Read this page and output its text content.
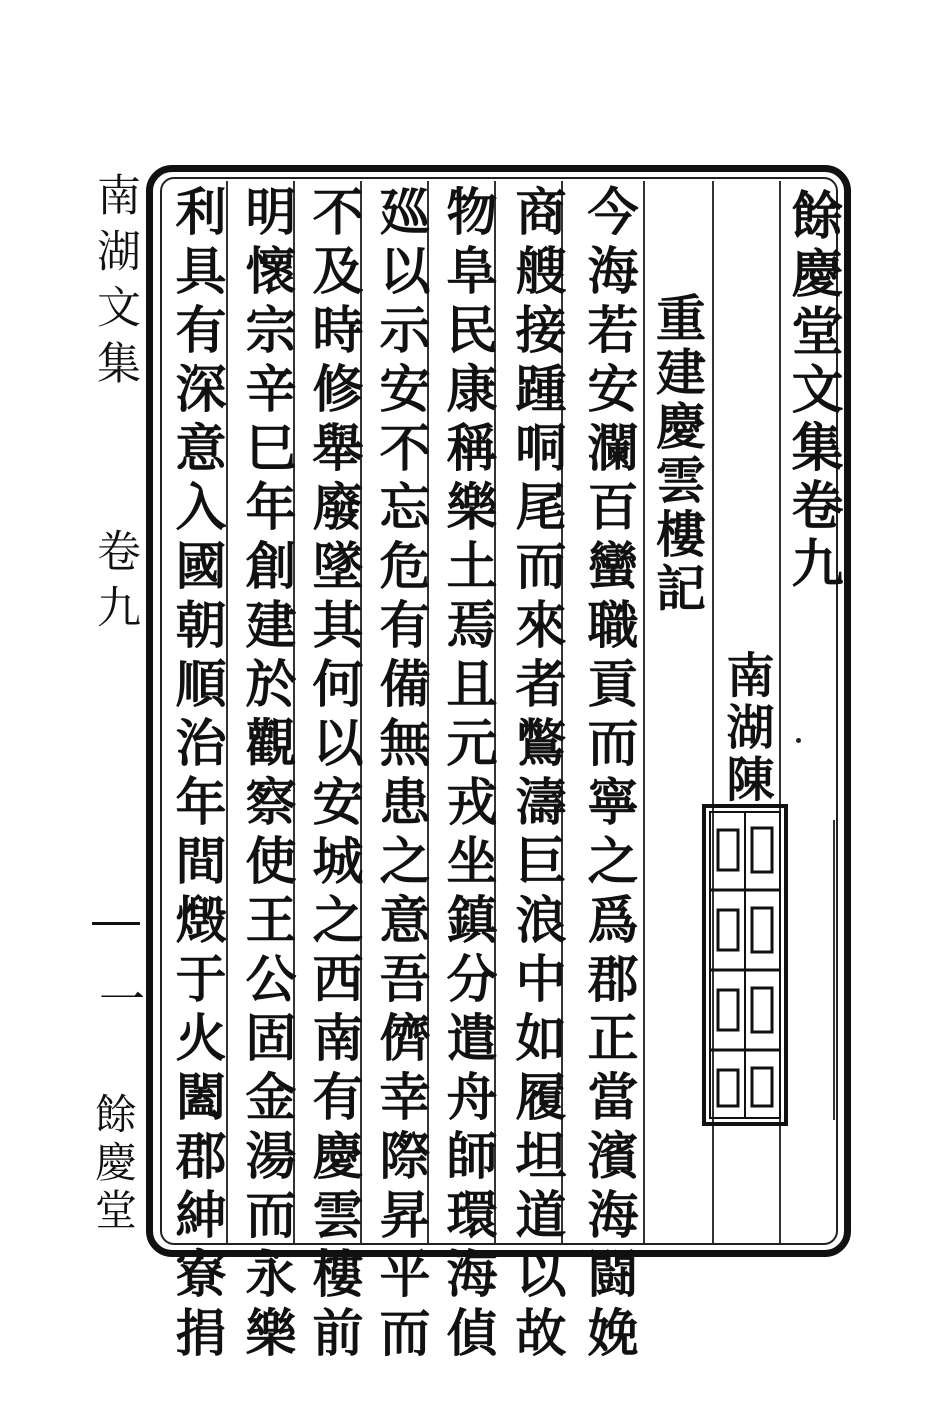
餘慶堂文集卷九
南湖陳
重建慶雲樓記
今海若安瀾百蠻職貢而寧之爲郡正當濱海闘娩
商艘接踵哃尾而來者鷩濤巨浪中如履坦道以故
物阜民康稱樂土焉且元戎坐鎮分遣舟師環海偵
廵以示安不忘危有備無患之意吾儕幸際昇平而
不及時修舉廢墜其何以安城之西南有慶雲樓前
明懷宗辛巳年創建於觀察使王公固金湯而永樂
利具有深意入國朝順治年間燬于火闔郡紳寮捐
南湖文集
卷九
一
餘慶堂
